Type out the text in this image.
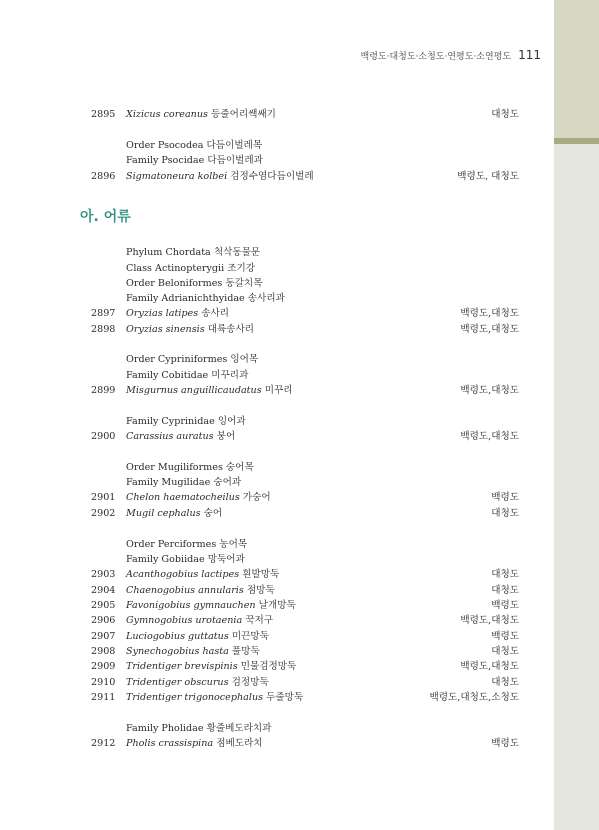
백령도·대청도·소청도·연평도·소연평도 111
아. 어류
2895	Xizicus coreanus 등줄어리쌕쌔기	대청도
Order Psocodea 다듬이벌레목
Family Psocidae 다듬이벌레과
2896	Sigmatoneura kolbei 검정수염다듬이벌레	백령도, 대청도
Phylum Chordata 척삭동물문
Class Actinopterygii 조기강
Order Beloniformes 동갈치목
Family Adrianichthyidae 송사리과
2897	Oryzias latipes 송사리	백령도,대청도
2898	Oryzias sinensis 대륙송사리	백령도,대청도
Order Cypriniformes 잉어목
Family Cobitidae 미꾸리과
2899	Misgurnus anguillicaudatus 미꾸리	백령도,대청도
Family Cyprinidae 잉어과
2900	Carassius auratus 붕어	백령도,대청도
Order Mugiliformes 숭어목
Family Mugilidae 숭어과
2901	Chelon haematocheilus 가숭어	백령도
2902	Mugil cephalus 숭어	대청도
Order Perciformes 농어목
Family Gobiidae 망둑어과
2903	Acanthogobius lactipes 흰발망둑	대청도
2904	Chaenogobius annularis 점망둑	대청도
2905	Favonigobius gymnauchen 날개망둑	백령도
2906	Gymnogobius urotaenia 꾹저구	백령도,대청도
2907	Luciogobius guttatus 미끈망둑	백령도
2908	Synechogobius hasta 풀망둑	대청도
2909	Tridentiger brevispinis 민물검정망둑	백령도,대청도
2910	Tridentiger obscurus 검정망둑	대청도
2911	Tridentiger trigonocephalus 두줄망둑	백령도,대청도,소청도
Family Pholidae 황줄베도라치과
2912	Pholis crassispina 점베도라치	백령도
